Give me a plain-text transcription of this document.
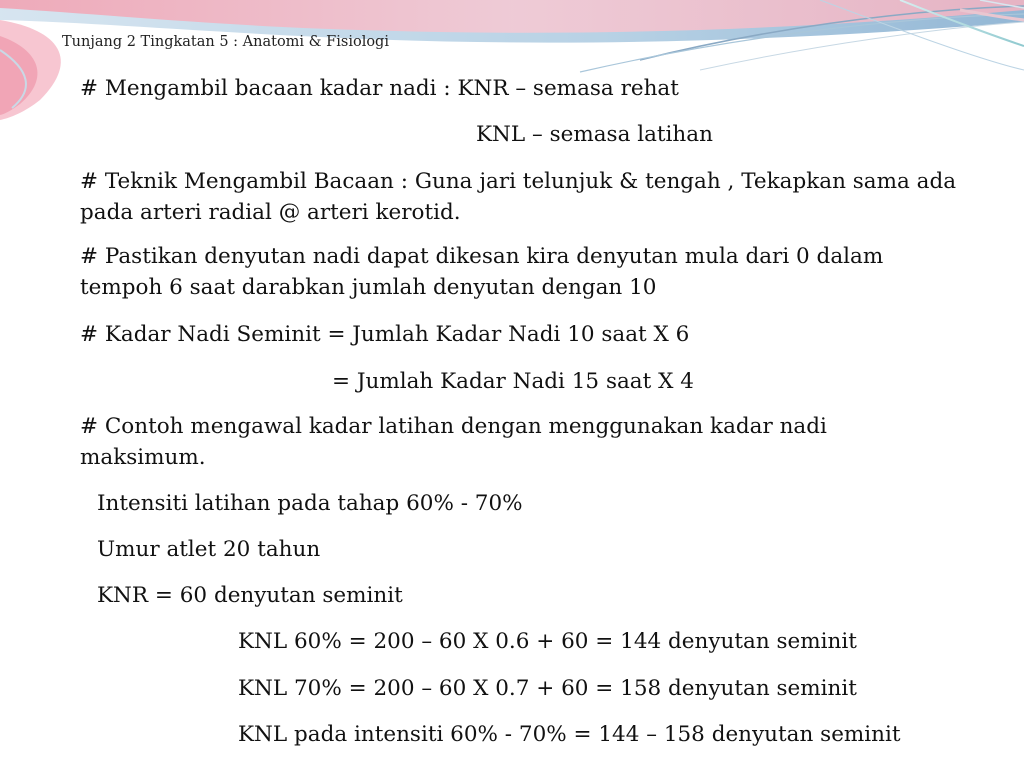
Tunjang 2 Tingkatan 5 : Anatomi & Fisiologi
# Mengambil bacaan kadar nadi : KNR – semasa rehat
KNL – semasa latihan
# Teknik Mengambil Bacaan : Guna jari telunjuk & tengah , Tekapkan sama ada
pada arteri radial @ arteri kerotid.
# Pastikan denyutan nadi dapat dikesan kira denyutan mula dari 0 dalam
tempoh 6 saat darabkan jumlah denyutan dengan 10
# Kadar Nadi Seminit = Jumlah Kadar Nadi 10 saat X 6
= Jumlah Kadar Nadi 15 saat X 4
# Contoh mengawal kadar latihan dengan menggunakan kadar nadi
maksimum.
Intensiti latihan pada tahap 60% - 70%
Umur atlet 20 tahun
KNR = 60 denyutan seminit
KNL 60% = 200 – 60 X 0.6 + 60 = 144 denyutan seminit
KNL 70% = 200 – 60 X 0.7 + 60 = 158 denyutan seminit
KNL pada intensiti 60% - 70% = 144 – 158 denyutan seminit
